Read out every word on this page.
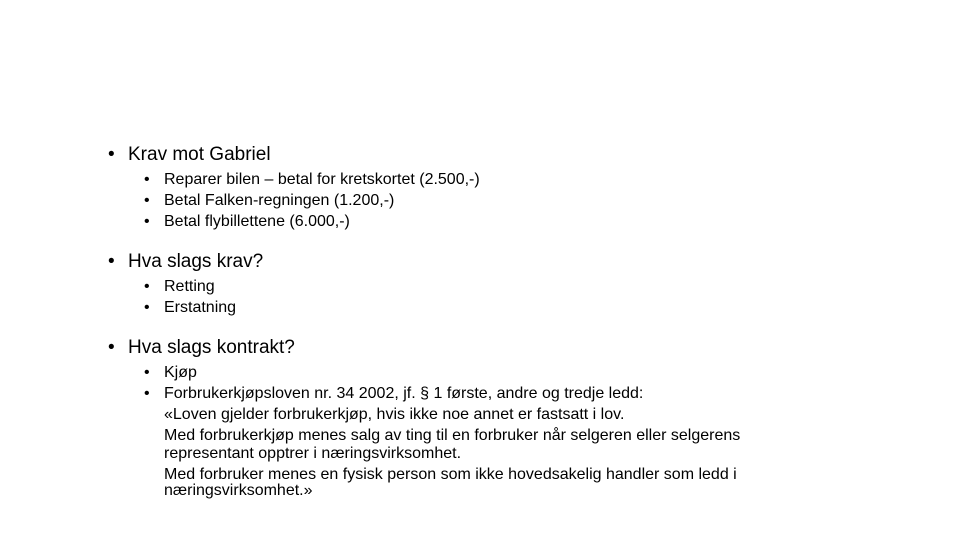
• Krav mot Gabriel
• Reparer bilen – betal for kretskortet (2.500,-)
• Betal Falken-regningen (1.200,-)
• Betal flybillettene (6.000,-)
• Hva slags krav?
• Retting
• Erstatning
• Hva slags kontrakt?
• Kjøp
• Forbrukerkjøpsloven nr. 34 2002, jf. § 1 første, andre og tredje ledd:
«Loven gjelder forbrukerkjøp, hvis ikke noe annet er fastsatt i lov.
Med forbrukerkjøp menes salg av ting til en forbruker når selgeren eller selgerens
representant opptrer i næringsvirksomhet.
Med forbruker menes en fysisk person som ikke hovedsakelig handler som ledd i
næringsvirksomhet.»
